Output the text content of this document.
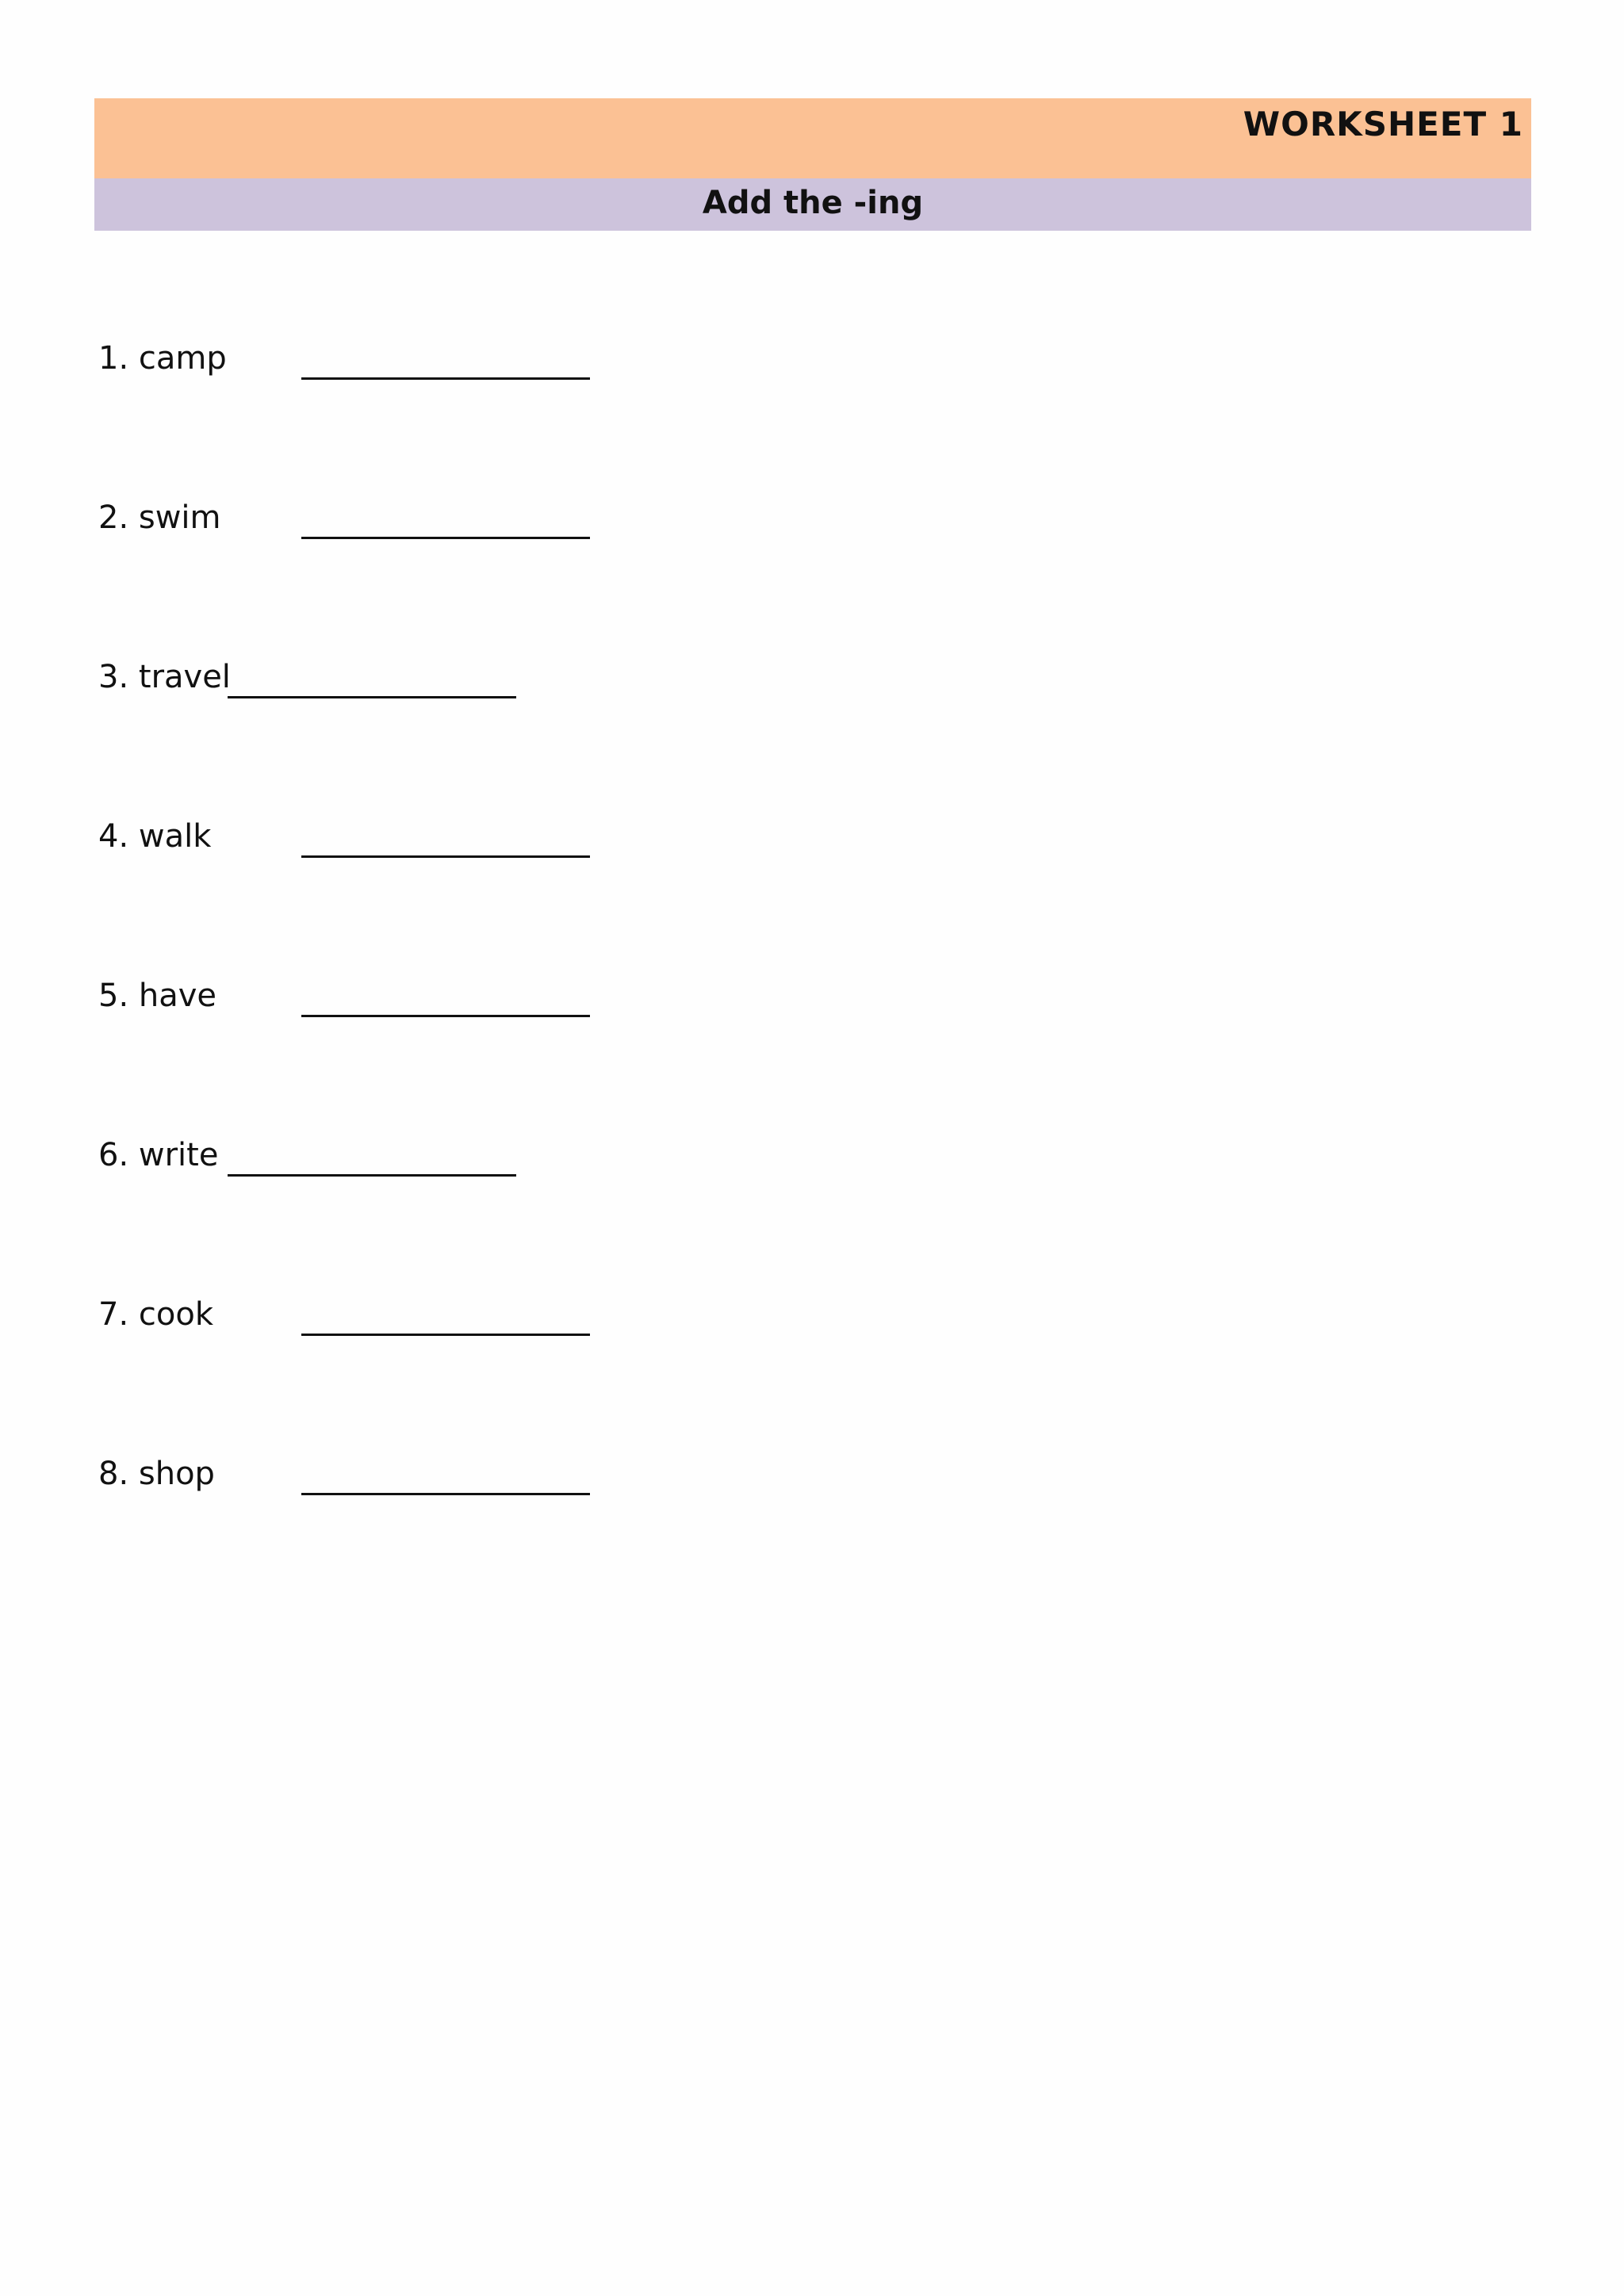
WORKSHEET 1
Add the -ing
1. camp
2. swim
3. travel
4. walk
5. have
6. write
7. cook
8. shop
